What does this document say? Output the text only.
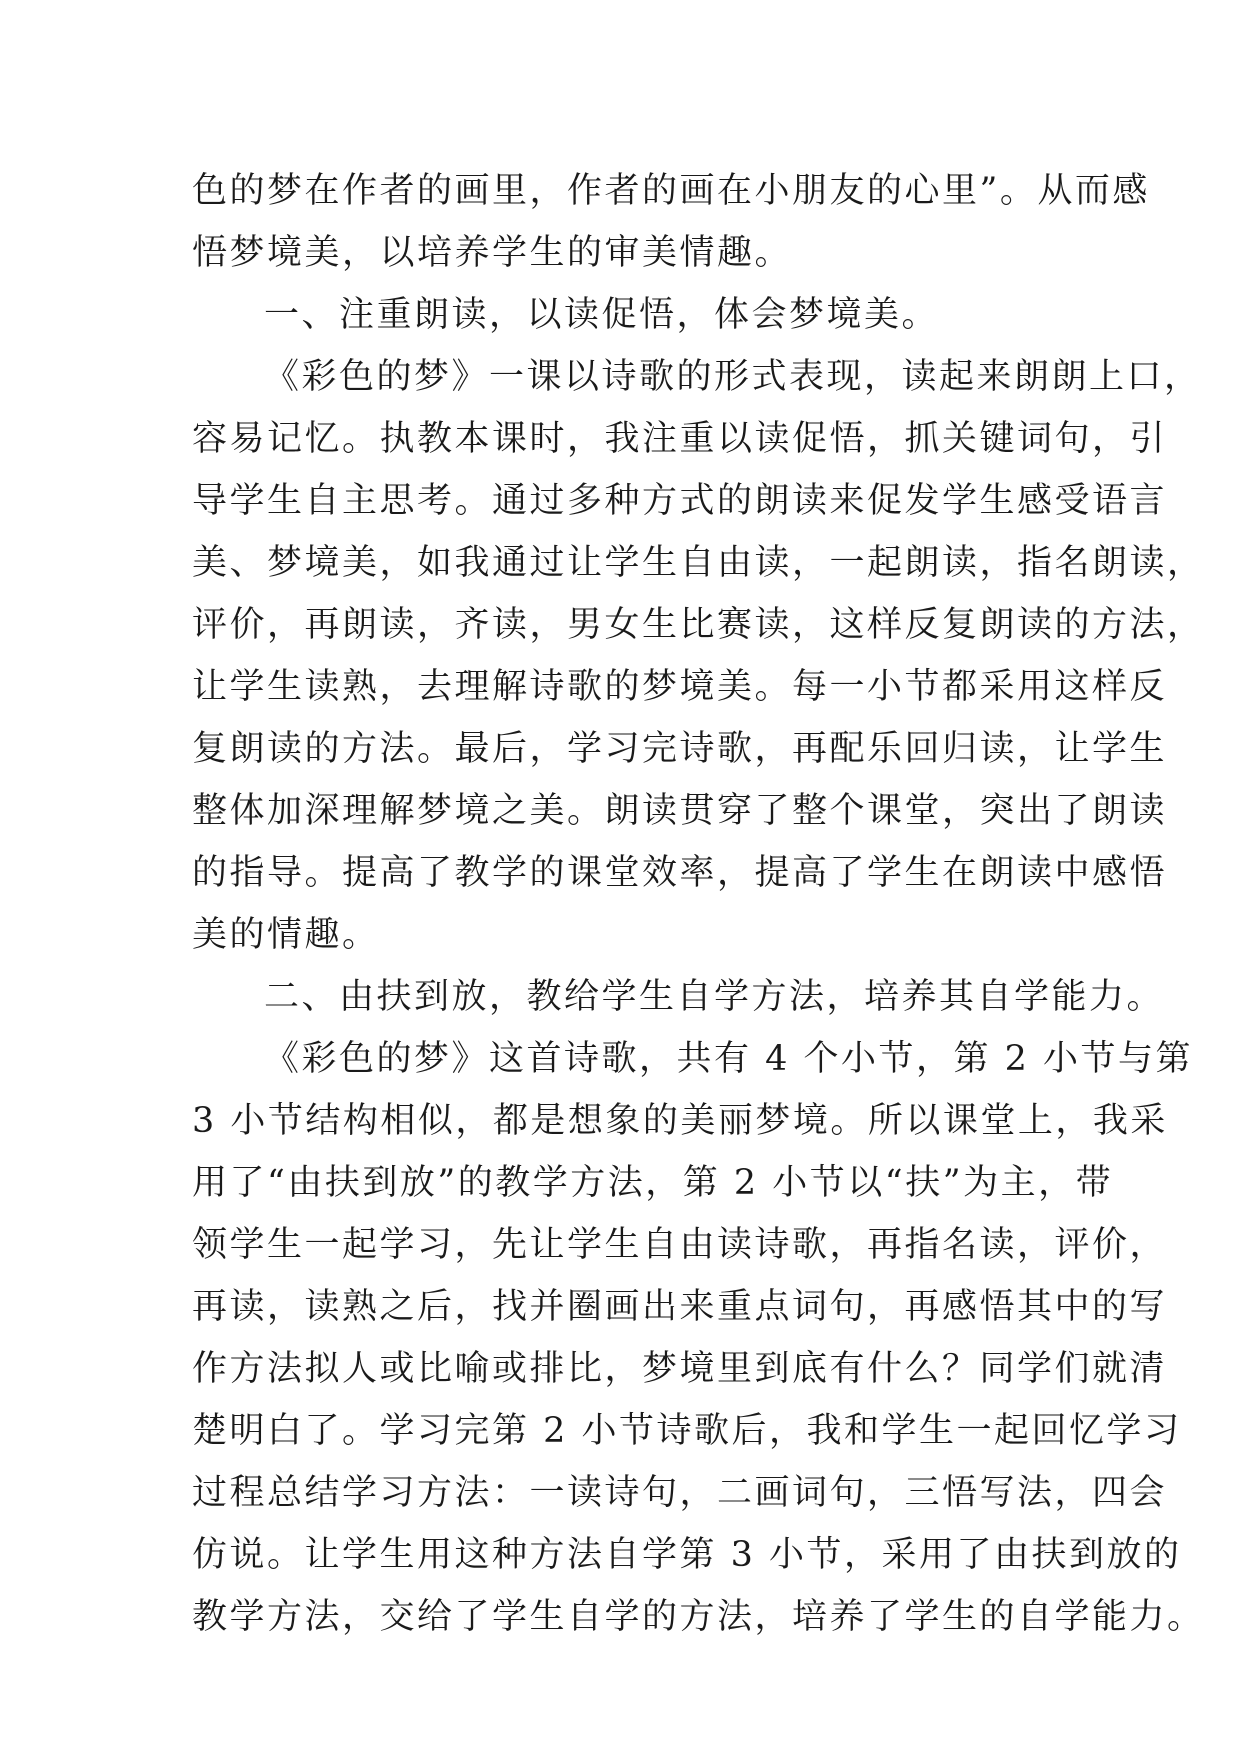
色的梦在作者的画里，作者的画在小朋友的心里”。从而感
悟梦境美，以培养学生的审美情趣。
一、注重朗读，以读促悟，体会梦境美。
《彩色的梦》一课以诗歌的形式表现，读起来朗朗上口，
容易记忆。执教本课时，我注重以读促悟，抓关键词句，引
导学生自主思考。通过多种方式的朗读来促发学生感受语言
美、梦境美，如我通过让学生自由读，一起朗读，指名朗读，
评价，再朗读，齐读，男女生比赛读，这样反复朗读的方法，
让学生读熟，去理解诗歌的梦境美。每一小节都采用这样反
复朗读的方法。最后，学习完诗歌，再配乐回归读，让学生
整体加深理解梦境之美。朗读贯穿了整个课堂，突出了朗读
的指导。提高了教学的课堂效率，提高了学生在朗读中感悟
美的情趣。
二、由扶到放，教给学生自学方法，培养其自学能力。
《彩色的梦》这首诗歌，共有 4 个小节，第 2 小节与第
3 小节结构相似，都是想象的美丽梦境。所以课堂上，我采
用了“由扶到放”的教学方法，第 2 小节以“扶”为主，带
领学生一起学习，先让学生自由读诗歌，再指名读，评价，
再读，读熟之后，找并圈画出来重点词句，再感悟其中的写
作方法拟人或比喻或排比，梦境里到底有什么？同学们就清
楚明白了。学习完第 2 小节诗歌后，我和学生一起回忆学习
过程总结学习方法：一读诗句，二画词句，三悟写法，四会
仿说。让学生用这种方法自学第 3 小节，采用了由扶到放的
教学方法，交给了学生自学的方法，培养了学生的自学能力。
